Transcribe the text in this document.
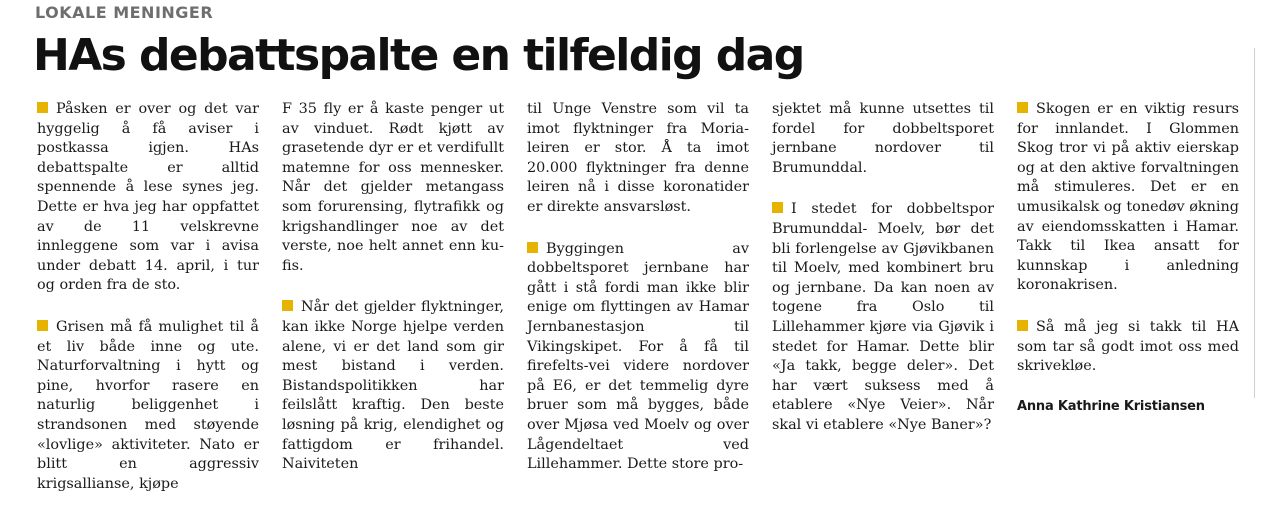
LOKALE MENINGER
HAs debattspalte en tilfeldig dag

Påsken er over og det var hyggelig å få aviser i postkassa igjen. HAs debattspalte er alltid spennende å lese synes jeg. Dette er hva jeg har oppfattet av de 11 velskrevne innleggene som var i avisa under debatt 14. april, i tur og orden fra de sto.

Grisen må få mulighet til å et liv både inne og ute. Naturforvaltning i hytt og pine, hvorfor rasere en naturlig beliggenhet i strandsonen med støyende «lovlige» aktiviteter. Nato er blitt en aggressiv krigsallianse, kjøpe

F 35 fly er å kaste penger ut av vinduet. Rødt kjøtt av grasetende dyr er et verdifullt matemne for oss mennesker. Når det gjelder metangass som forurensing, flytrafikk og krigshandlinger noe av det verste, noe helt annet enn ku-fis.

Når det gjelder flyktninger, kan ikke Norge hjelpe verden alene, vi er det land som gir mest bistand i verden. Bistandspolitikken har feilslått kraftig. Den beste løsning på krig, elendighet og fattigdom er frihandel. Naiviteten

til Unge Venstre som vil ta imot flyktninger fra Moria-leiren er stor. Å ta imot 20.000 flyktninger fra denne leiren nå i disse koronatider er direkte ansvarsløst.

Byggingen av dobbeltsporet jernbane har gått i stå fordi man ikke blir enige om flyttingen av Hamar Jernbanestasjon til Vikingskipet. For å få til firefelts-vei videre nordover på E6, er det temmelig dyre bruer som må bygges, både over Mjøsa ved Moelv og over Lågendeltaet ved Lillehammer. Dette store pro-

sjektet må kunne utsettes til fordel for dobbeltsporet jernbane nordover til Brumunddal.

I stedet for dobbeltspor Brumunddal- Moelv, bør det bli forlengelse av Gjøvikbanen til Moelv, med kombinert bru og jernbane. Da kan noen av togene fra Oslo til Lillehammer kjøre via Gjøvik i stedet for Hamar. Dette blir «Ja takk, begge deler». Det har vært suksess med å etablere «Nye Veier». Når skal vi etablere «Nye Baner»?

Skogen er en viktig resurs for innlandet. I Glommen Skog tror vi på aktiv eierskap og at den aktive forvaltningen må stimuleres. Det er en umusikalsk og tonedøv økning av eiendomsskatten i Hamar. Takk til Ikea ansatt for kunnskap i anledning koronakrisen.

Så må jeg si takk til HA som tar så godt imot oss med skrivekløe.

Anna Kathrine Kristiansen
